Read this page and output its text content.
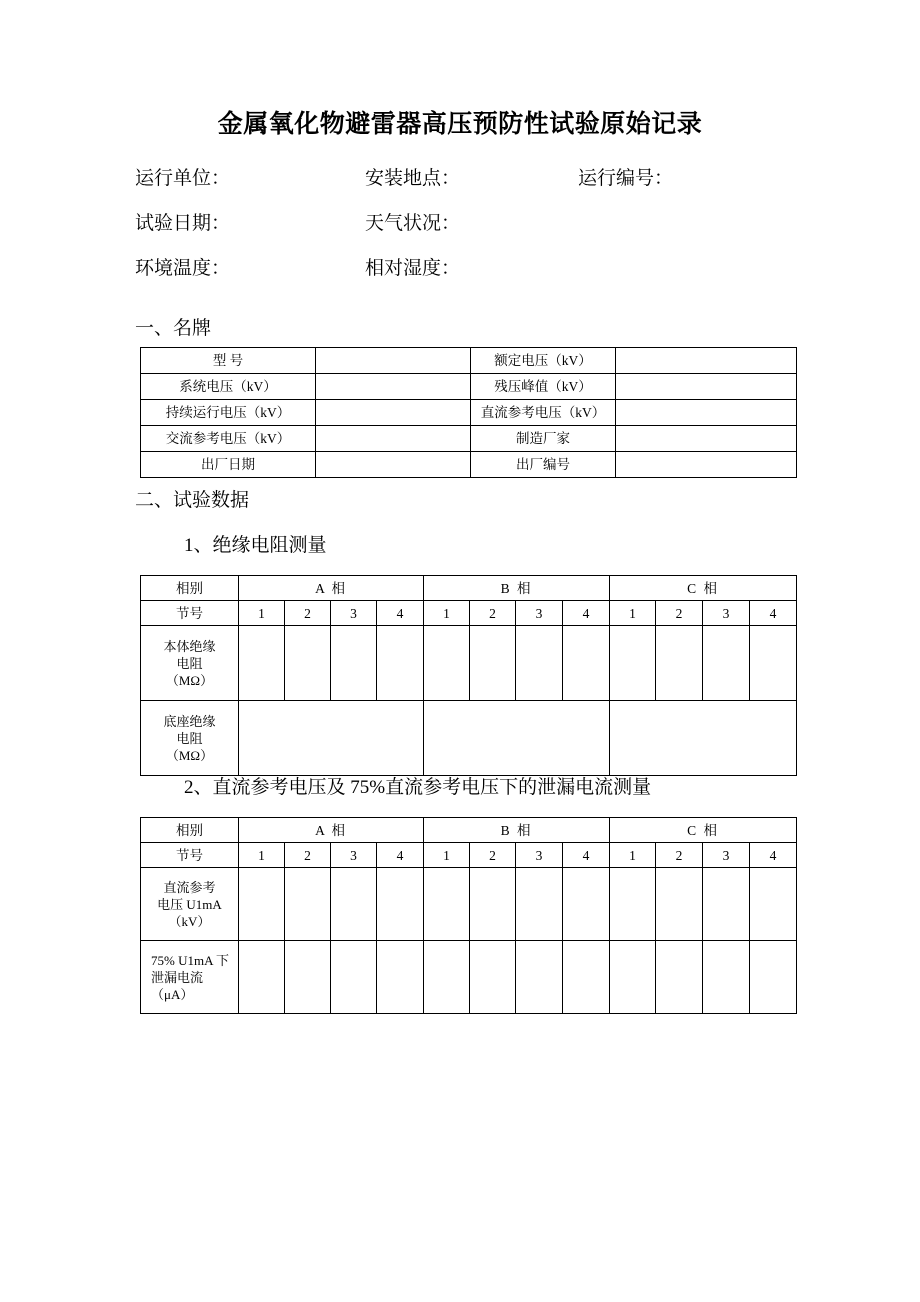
金属氧化物避雷器高压预防性试验原始记录
运行单位：	安装地点：	运行编号：
试验日期：	天气状况：
环境温度：	相对湿度：
一、名牌
型 号		额定电压（kV）	
系统电压（kV）		残压峰值（kV）	
持续运行电压（kV）		直流参考电压（kV）	
交流参考电压（kV）		制造厂家	
出厂日期		出厂编号	
二、试验数据
1、绝缘电阻测量
相别	A 相				B 相				C 相			
节号	1	2	3	4	1	2	3	4	1	2	3	4

本体绝缘
电阻
（MΩ）												

底座绝缘
电阻
（MΩ）												

2、直流参考电压及 75%直流参考电压下的泄漏电流测量
相别	A 相				B 相				C 相			
节号	1	2	3	4	1	2	3	4	1	2	3	4

直流参考
电压 U1mA
（kV）												

75% U1mA 下
泄漏电流
（μA）												
